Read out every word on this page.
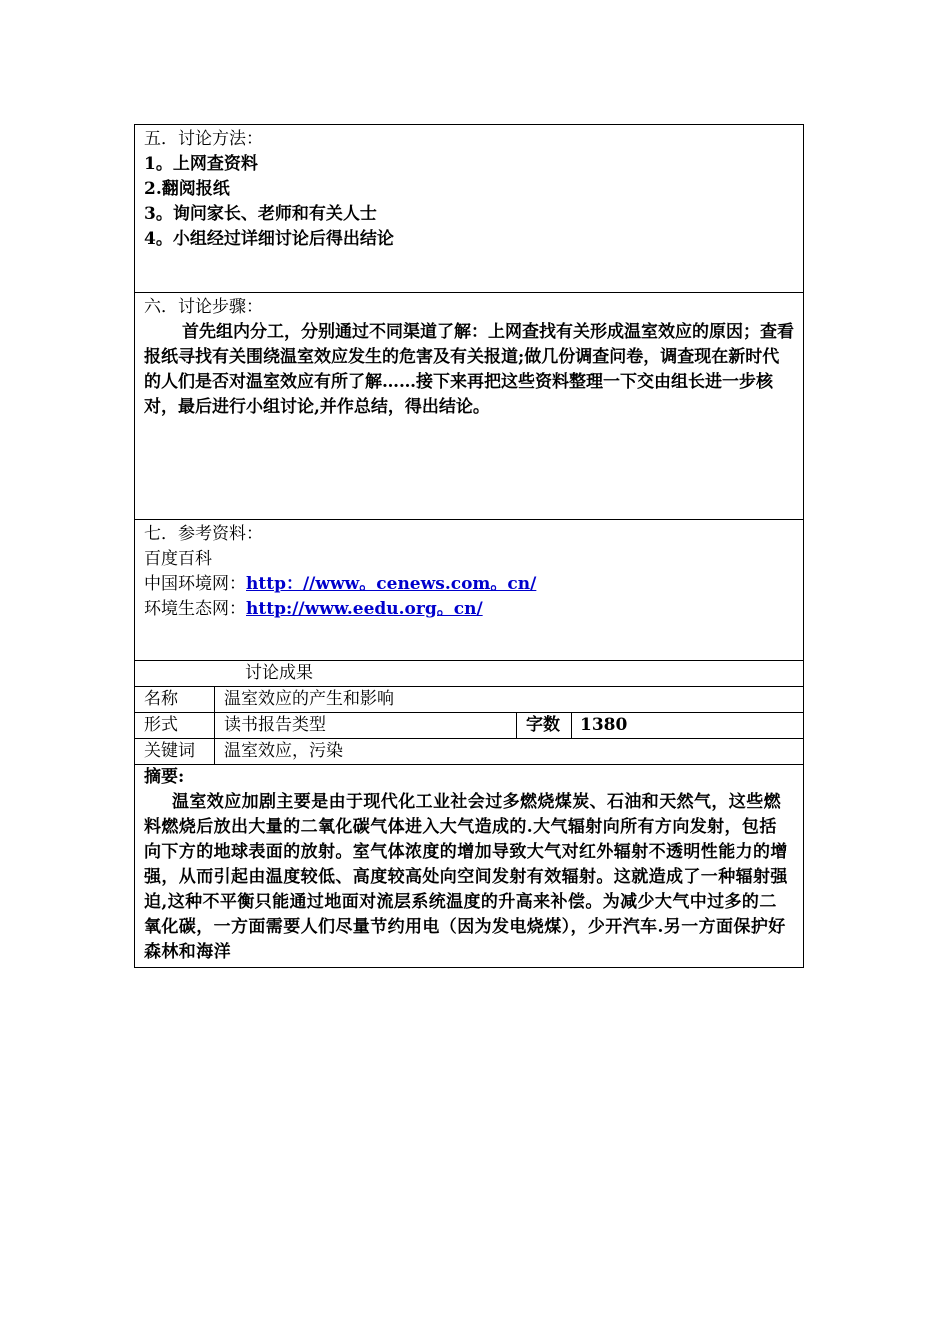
五．讨论方法：
1。上网查资料
2.翻阅报纸
3。询问家长、老师和有关人士
4。小组经过详细讨论后得出结论
六．讨论步骤：
首先组内分工，分别通过不同渠道了解：上网查找有关形成温室效应的原因；查看报纸寻找有关围绕温室效应发生的危害及有关报道;做几份调查问卷，调查现在新时代的人们是否对温室效应有所了解……接下来再把这些资料整理一下交由组长进一步核对，最后进行小组讨论,并作总结，得出结论。
七．参考资料：
百度百科
中国环境网：http：//www。cenews.com。cn/
环境生态网：http://www.eedu.org。cn/
讨论成果
名称	温室效应的产生和影响
形式	读书报告类型	字数	1380
关键词	温室效应，污染
摘要:
温室效应加剧主要是由于现代化工业社会过多燃烧煤炭、石油和天然气，这些燃料燃烧后放出大量的二氧化碳气体进入大气造成的.大气辐射向所有方向发射，包括向下方的地球表面的放射。室气体浓度的增加导致大气对红外辐射不透明性能力的增强，从而引起由温度较低、高度较高处向空间发射有效辐射。这就造成了一种辐射强迫,这种不平衡只能通过地面对流层系统温度的升高来补偿。为减少大气中过多的二氧化碳，一方面需要人们尽量节约用电（因为发电烧煤），少开汽车.另一方面保护好森林和海洋
